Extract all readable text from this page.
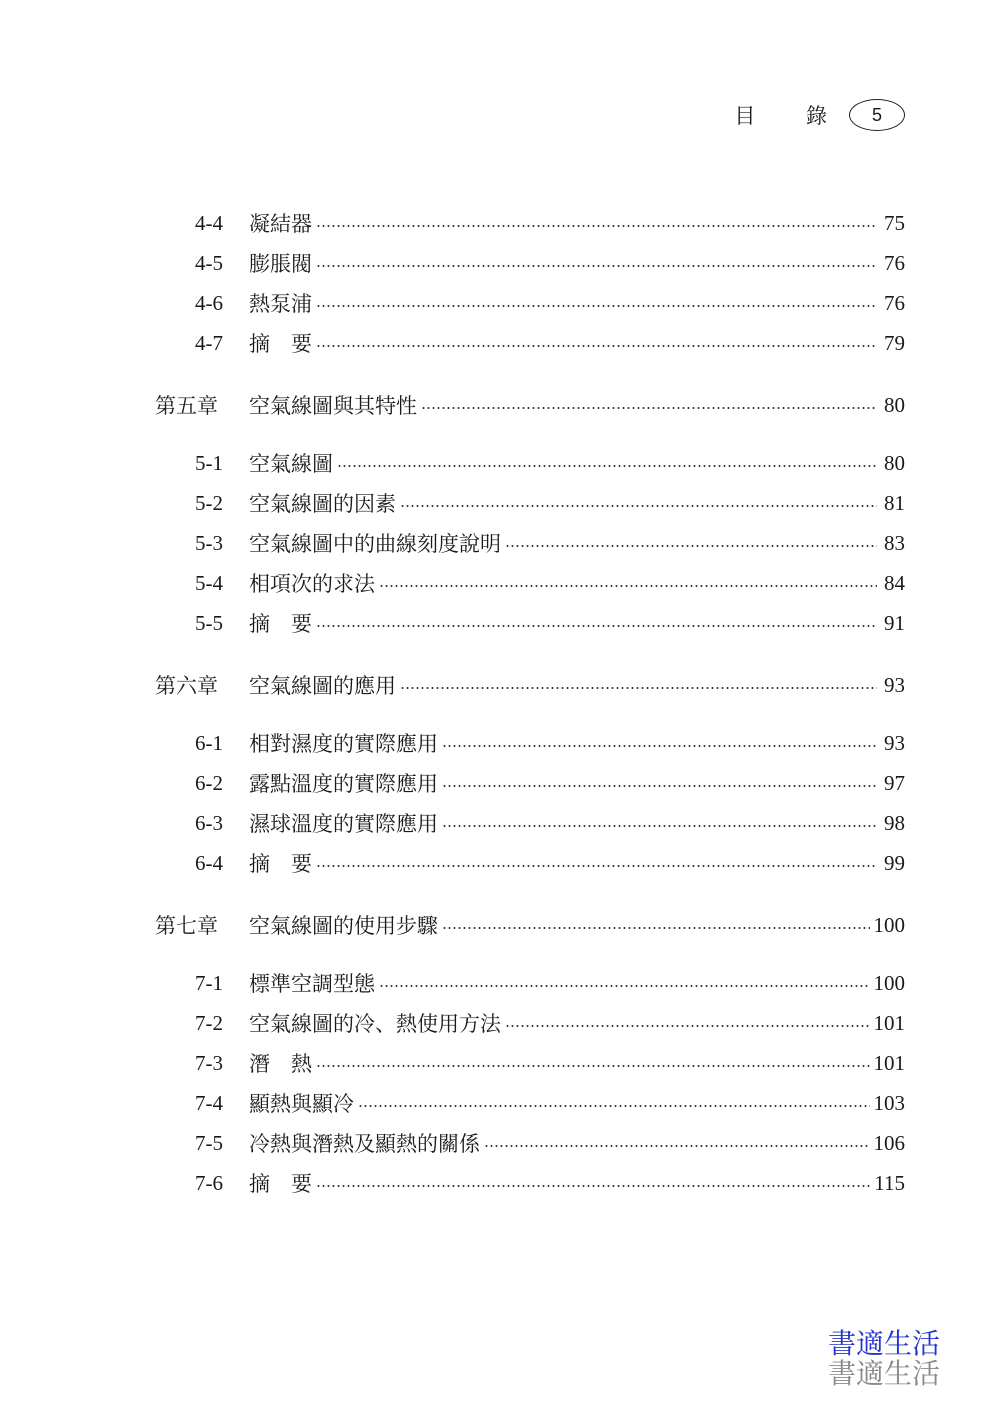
目 錄	5
4-4 凝結器	75
4-5 膨脹閥	76
4-6 熱泵浦	76
4-7 摘　要	79
第五章	空氣線圖與其特性	80
5-1 空氣線圖	80
5-2 空氣線圖的因素	81
5-3 空氣線圖中的曲線刻度說明	83
5-4 相項次的求法	84
5-5 摘　要	91
第六章	空氣線圖的應用	93
6-1 相對濕度的實際應用	93
6-2 露點溫度的實際應用	97
6-3 濕球溫度的實際應用	98
6-4 摘　要	99
第七章	空氣線圖的使用步驟	100
7-1 標準空調型態	100
7-2 空氣線圖的冷、熱使用方法	101
7-3 潛　熱	101
7-4 顯熱與顯冷	103
7-5 冷熱與潛熱及顯熱的關係	106
7-6 摘　要	115
書適生活
書適生活
